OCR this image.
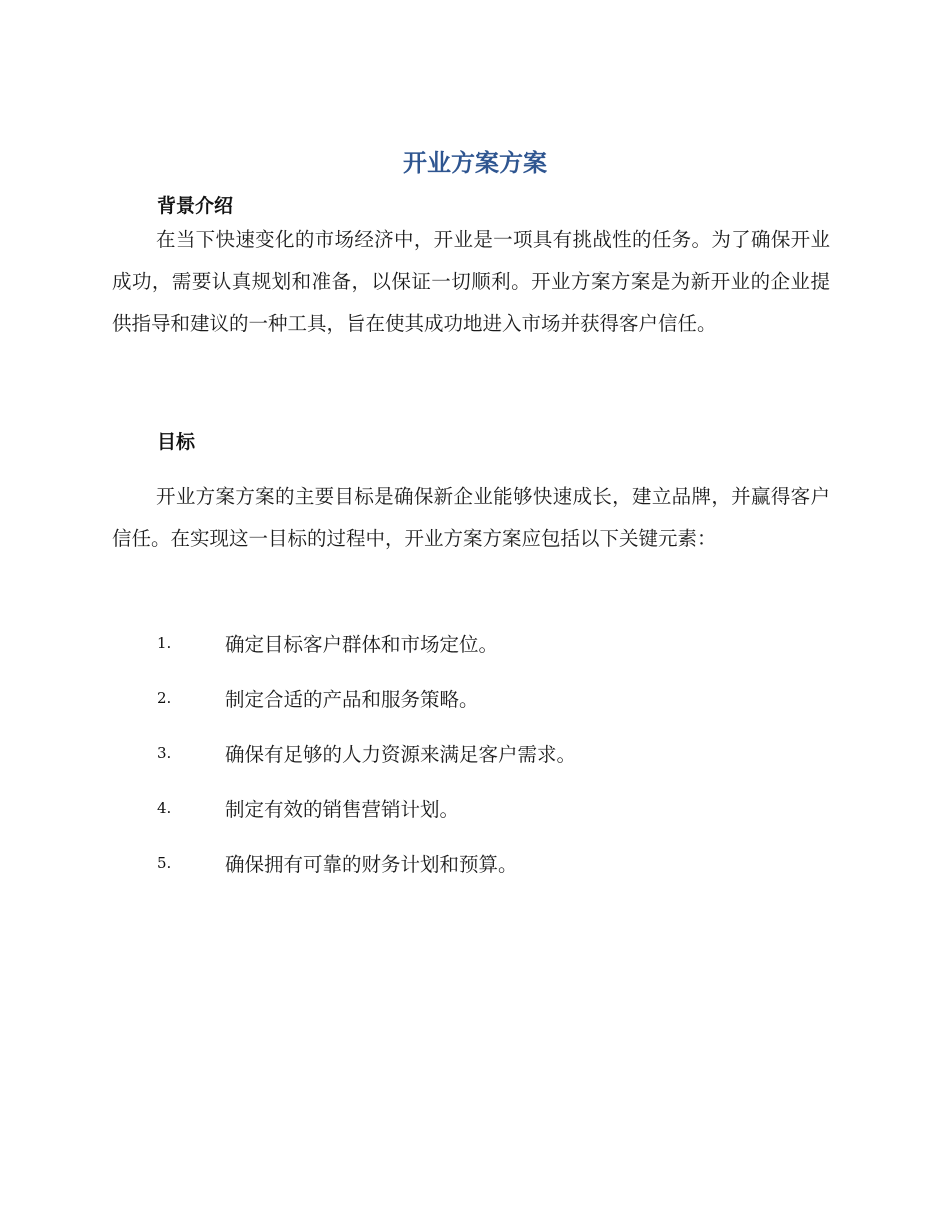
开业方案方案
背景介绍

在当下快速变化的市场经济中，开业是一项具有挑战性的任务。为了确保开业成功，需要认真规划和准备，以保证一切顺利。开业方案方案是为新开业的企业提供指导和建议的一种工具，旨在使其成功地进入市场并获得客户信任。

目标

开业方案方案的主要目标是确保新企业能够快速成长，建立品牌，并赢得客户信任。在实现这一目标的过程中，开业方案方案应包括以下关键元素：

1.	确定目标客户群体和市场定位。
2.	制定合适的产品和服务策略。
3.	确保有足够的人力资源来满足客户需求。
4.	制定有效的销售营销计划。
5.	确保拥有可靠的财务计划和预算。
